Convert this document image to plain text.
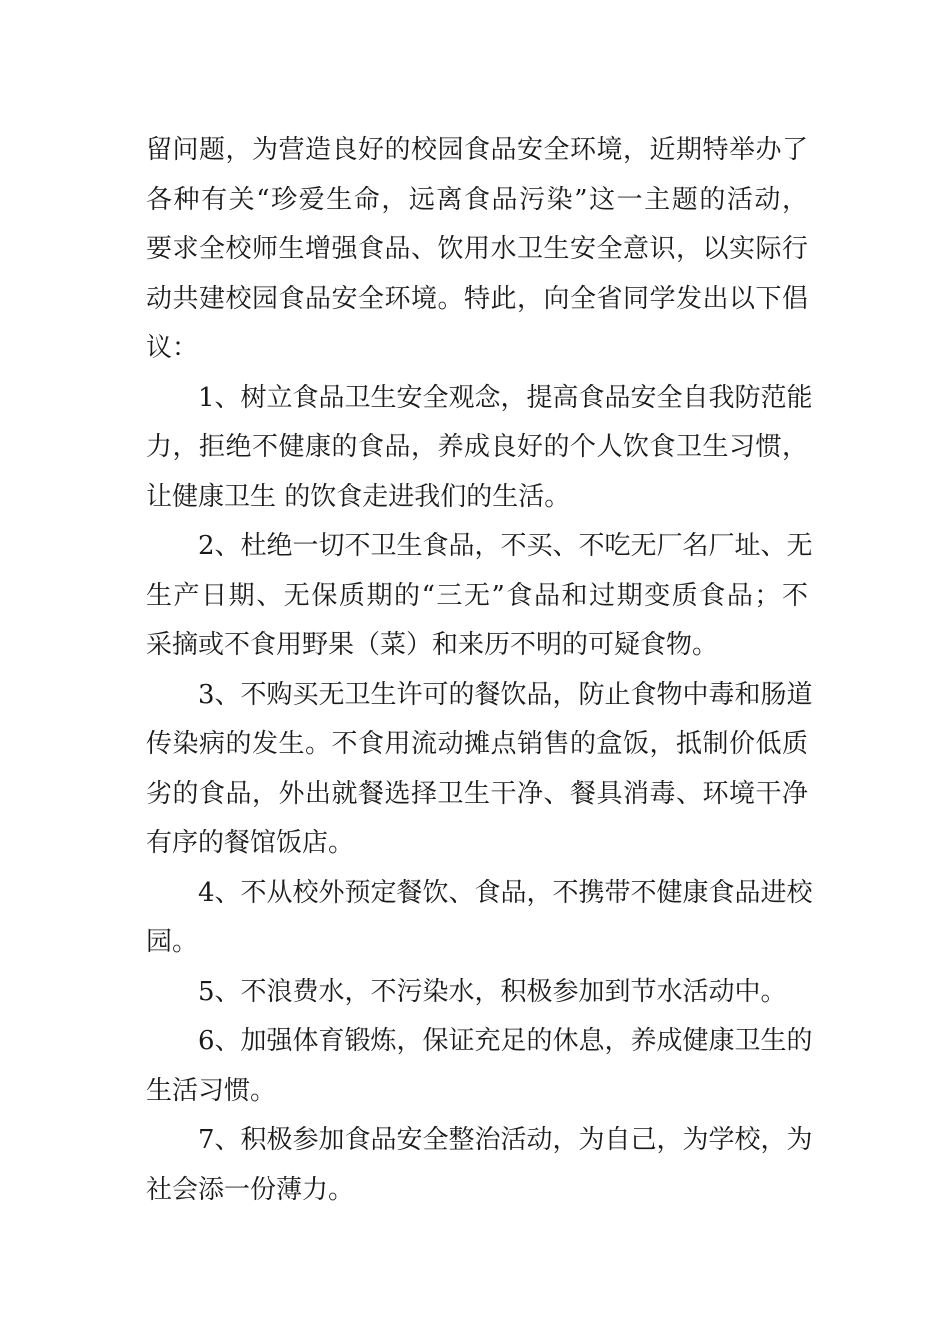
留问题，为营造良好的校园食品安全环境，近期特举办了
各种有关“珍爱生命，远离食品污染”这一主题的活动，
要求全校师生增强食品、饮用水卫生安全意识，以实际行
动共建校园食品安全环境。特此，向全省同学发出以下倡
议：
1、树立食品卫生安全观念，提高食品安全自我防范能
力，拒绝不健康的食品，养成良好的个人饮食卫生习惯，
让健康卫生 的饮食走进我们的生活。
2、杜绝一切不卫生食品，不买、不吃无厂名厂址、无
生产日期、无保质期的“三无”食品和过期变质食品；不
采摘或不食用野果（菜）和来历不明的可疑食物。
3、不购买无卫生许可的餐饮品，防止食物中毒和肠道
传染病的发生。不食用流动摊点销售的盒饭，抵制价低质
劣的食品，外出就餐选择卫生干净、餐具消毒、环境干净
有序的餐馆饭店。
4、不从校外预定餐饮、食品，不携带不健康食品进校
园。
5、不浪费水，不污染水，积极参加到节水活动中。
6、加强体育锻炼，保证充足的休息，养成健康卫生的
生活习惯。
7、积极参加食品安全整治活动，为自己，为学校，为
社会添一份薄力。
